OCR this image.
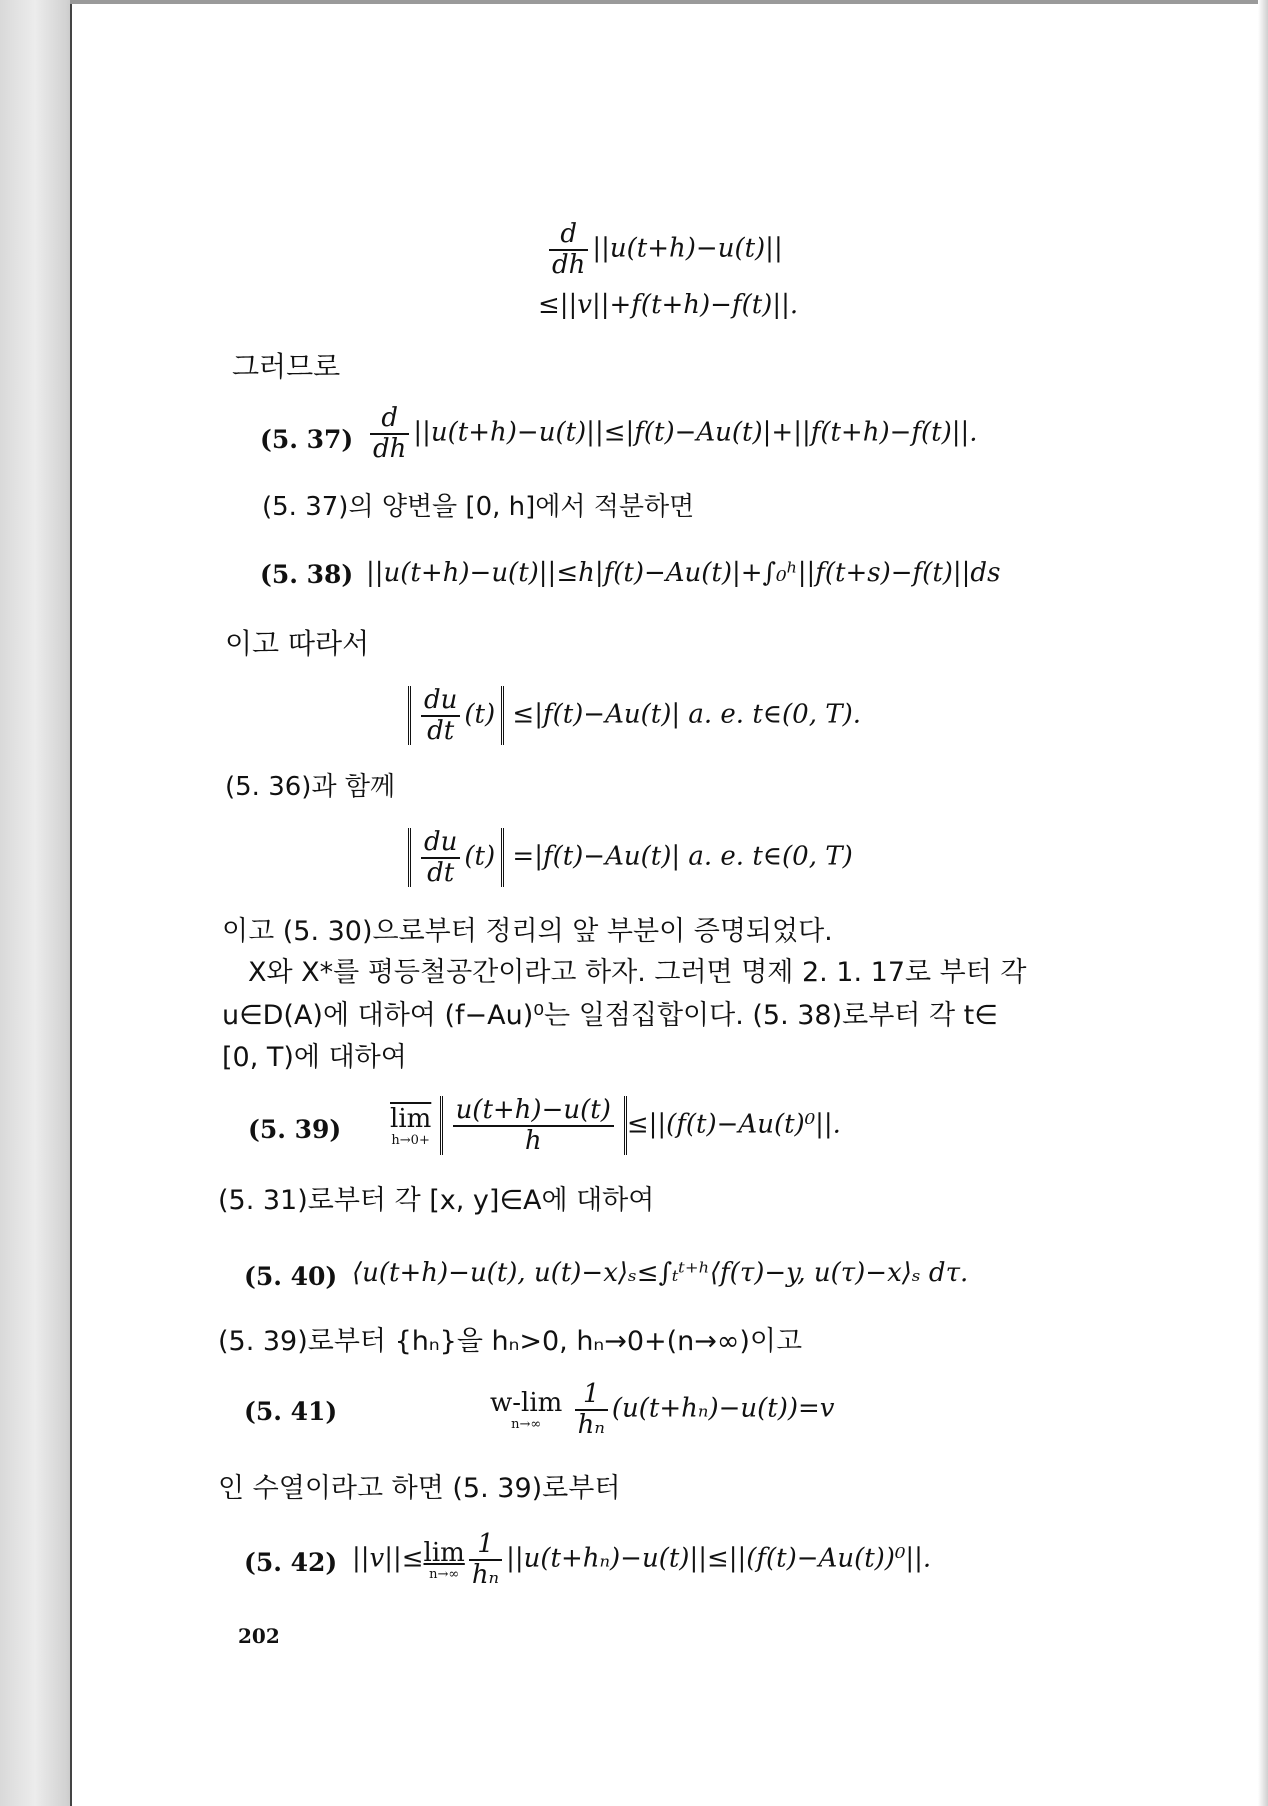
$\frac{d}{dh} ||u(t+h)-u(t)||$
≤||v||+f(t+h)−f(t)||.
그러므로
(5. $37) \frac{d}{dh} ||u(t+h)-u(t)||\le|f(t)-Au(t)|+||f(t+h)-f(t)||$.
(5. 37)의 양변을 [0, h]에서 적분하면
(5. 38) ||u(t+h)−u(t)||≤h|f(t)−Au(t)|+∫₀ʰ||f(t+s)−f(t)||ds
이고 따라서
$\frac{du}{dt} (t) \le|f(t)-Au(t)|$ a. e. t∈(0, T).
(5. 36)과 함께
$\frac{du}{dt} (t) =|f(t)-Au(t)|$ a. e. t∈(0, T)
이고 (5. 30)으로부터 정리의 앞 부분이 증명되었다.
X와 X*를 평등철공간이라고 하자. 그러면 명제 2. 1. 17로 부터 각
u∈D(A)에 대하여 (f−Au)⁰는 일점집합이다. (5. 38)로부터 각 t∈
[0, T)에 대하여
(5. 39) $\overline{lim}$
h→0+
$\frac{u(t+h)-u(t)}{h} \le||(f(t)-Au(t)^0||$.
(5. 31)로부터 각 [x, y]∈A에 대하여
(5. 40) ⟨u(t+h)−u(t), u(t)−x⟩ₛ≤∫ₜᵗ⁺ʰ⟨f(τ)−y, u(τ)−x⟩ₛ dτ.
(5. 39)로부터 {hₙ}을 hₙ>0, hₙ→0+(n→∞)이고
(5. 41)	w-lim
n→∞
	$\frac{1}{\text{hₙ}} (u(t+h_n)-u(t))=v$
인 수열이라고 하면 (5. 39)로부터
(5. 42) ||v||≤lim
$n\to\infty \frac{1}{\text{hₙ}} ||u(t+h_n)-u(t)||\le||(f(t)-Au(t))^0||$.
202
